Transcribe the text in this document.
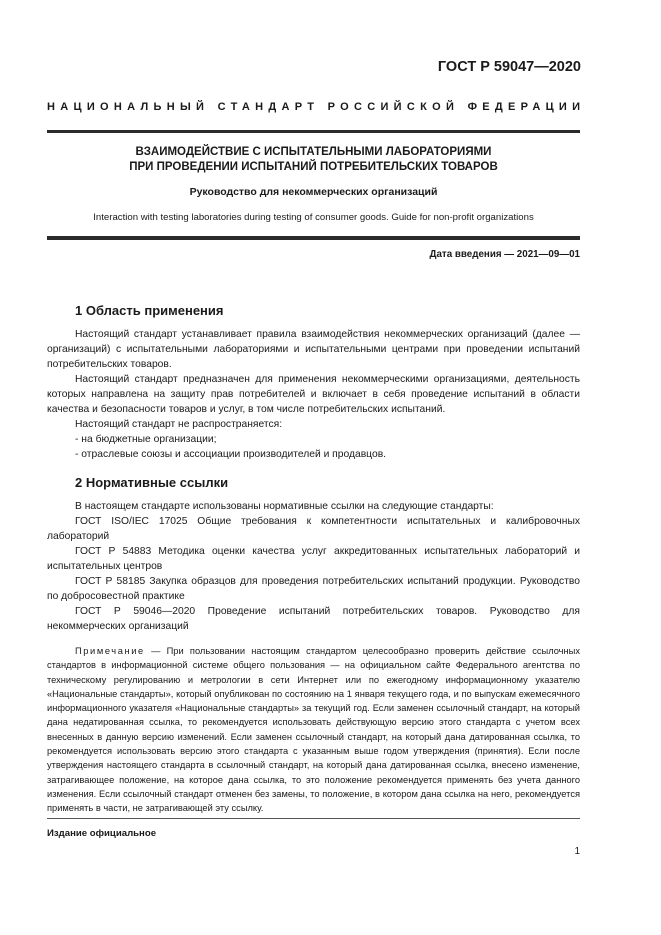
ГОСТ Р 59047—2020
НАЦИОНАЛЬНЫЙ СТАНДАРТ РОССИЙСКОЙ ФЕДЕРАЦИИ
ВЗАИМОДЕЙСТВИЕ С ИСПЫТАТЕЛЬНЫМИ ЛАБОРАТОРИЯМИ
ПРИ ПРОВЕДЕНИИ ИСПЫТАНИЙ ПОТРЕБИТЕЛЬСКИХ ТОВАРОВ
Руководство для некоммерческих организаций
Interaction with testing laboratories during testing of consumer goods. Guide for non-profit organizations
Дата введения — 2021—09—01
1 Область применения

Настоящий стандарт устанавливает правила взаимодействия некоммерческих организаций (далее — организаций) с испытательными лабораториями и испытательными центрами при проведении испытаний потребительских товаров.

Настоящий стандарт предназначен для применения некоммерческими организациями, деятельность которых направлена на защиту прав потребителей и включает в себя проведение испытаний в области качества и безопасности товаров и услуг, в том числе потребительских испытаний.

Настоящий стандарт не распространяется:

- на бюджетные организации;

- отраслевые союзы и ассоциации производителей и продавцов.

2 Нормативные ссылки

В настоящем стандарте использованы нормативные ссылки на следующие стандарты:

ГОСТ ISO/IEC 17025 Общие требования к компетентности испытательных и калибровочных лабораторий

ГОСТ Р 54883 Методика оценки качества услуг аккредитованных испытательных лабораторий и испытательных центров

ГОСТ Р 58185 Закупка образцов для проведения потребительских испытаний продукции. Руководство по добросовестной практике

ГОСТ Р 59046—2020 Проведение испытаний потребительских товаров. Руководство для некоммерческих организаций

Примечание — При пользовании настоящим стандартом целесообразно проверить действие ссылочных стандартов в информационной системе общего пользования — на официальном сайте Федерального агентства по техническому регулированию и метрологии в сети Интернет или по ежегодному информационному указателю «Национальные стандарты», который опубликован по состоянию на 1 января текущего года, и по выпускам ежемесячного информационного указателя «Национальные стандарты» за текущий год. Если заменен ссылочный стандарт, на который дана недатированная ссылка, то рекомендуется использовать действующую версию этого стандарта с учетом всех внесенных в данную версию изменений. Если заменен ссылочный стандарт, на который дана датированная ссылка, то рекомендуется использовать версию этого стандарта с указанным выше годом утверждения (принятия). Если после утверждения настоящего стандарта в ссылочный стандарт, на который дана датированная ссылка, внесено изменение, затрагивающее положение, на которое дана ссылка, то это положение рекомендуется применять без учета данного изменения. Если ссылочный стандарт отменен без замены, то положение, в котором дана ссылка на него, рекомендуется применять в части, не затрагивающей эту ссылку.
Издание официальное
1
